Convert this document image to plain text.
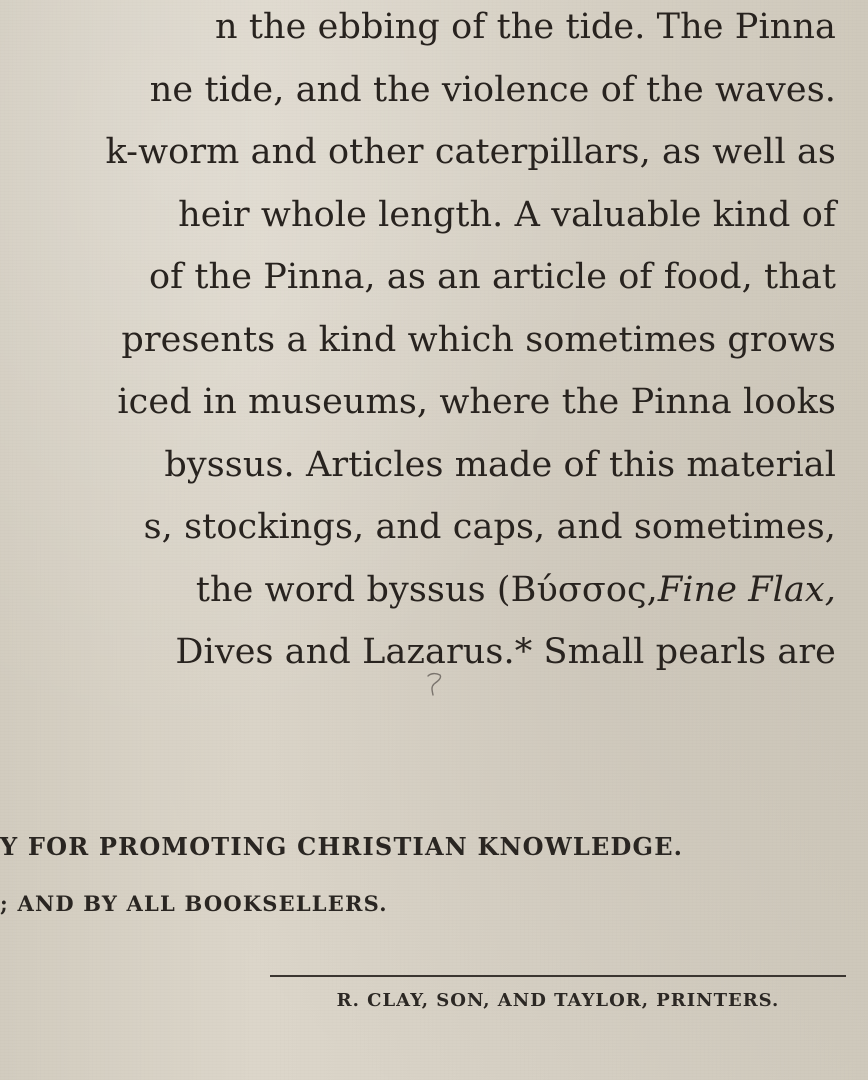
n the ebbing of the tide. The Pinna
ne tide, and the violence of the waves.
k-worm and other caterpillars, as well as
heir whole length. A valuable kind of
of the Pinna, as an article of food, that
presents a kind which sometimes grows
iced in museums, where the Pinna looks
byssus. Articles made of this material
s, stockings, and caps, and sometimes,
the word byssus (Βύσσος,Fine Flax,
Dives and Lazarus.* Small pearls are
Y FOR PROMOTING CHRISTIAN KNOWLEDGE.
; AND BY ALL BOOKSELLERS.
R. CLAY, SON, AND TAYLOR, PRINTERS.
